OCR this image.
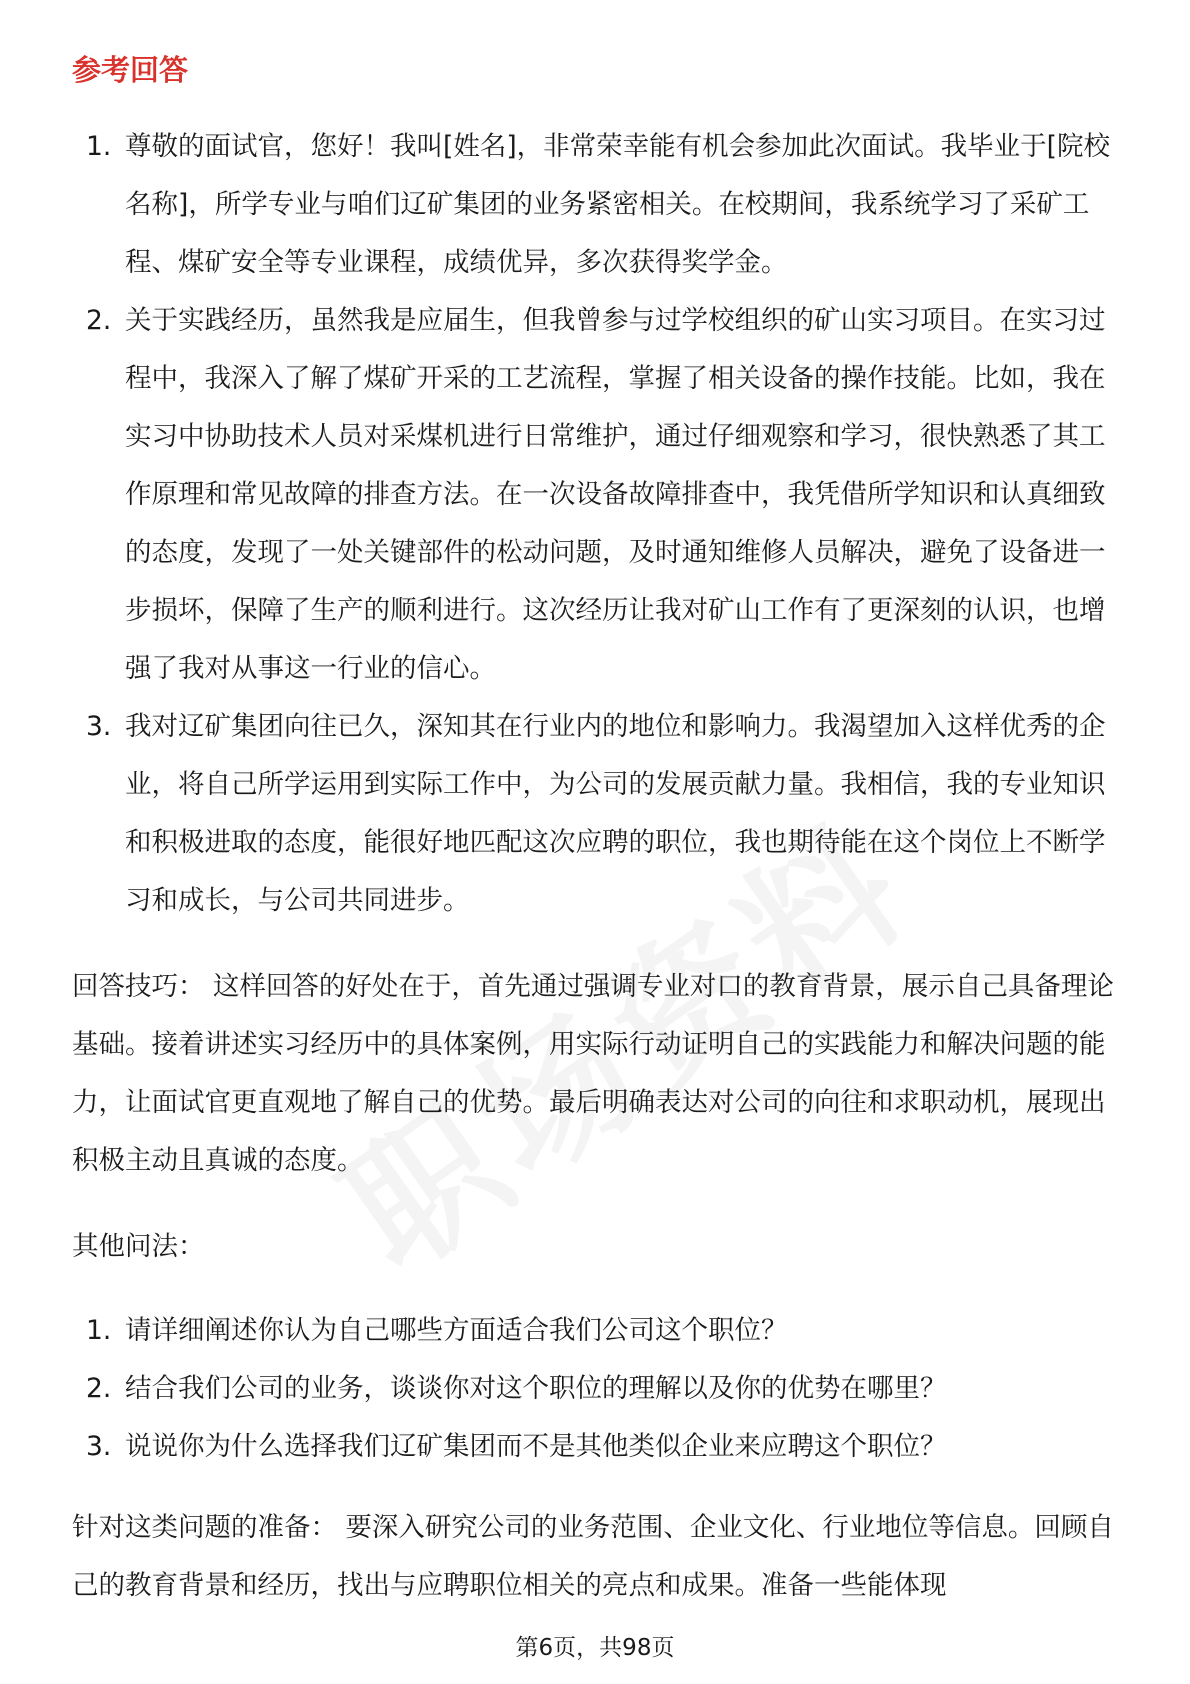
参考回答
1. 尊敬的面试官，您好！我叫[姓名]，非常荣幸能有机会参加此次面试。我毕业于[院校名称]，所学专业与咱们辽矿集团的业务紧密相关。在校期间，我系统学习了采矿工程、煤矿安全等专业课程，成绩优异，多次获得奖学金。
2. 关于实践经历，虽然我是应届生，但我曾参与过学校组织的矿山实习项目。在实习过程中，我深入了解了煤矿开采的工艺流程，掌握了相关设备的操作技能。比如，我在实习中协助技术人员对采煤机进行日常维护，通过仔细观察和学习，很快熟悉了其工作原理和常见故障的排查方法。在一次设备故障排查中，我凭借所学知识和认真细致的态度，发现了一处关键部件的松动问题，及时通知维修人员解决，避免了设备进一步损坏，保障了生产的顺利进行。这次经历让我对矿山工作有了更深刻的认识，也增强了我对从事这一行业的信心。
3. 我对辽矿集团向往已久，深知其在行业内的地位和影响力。我渴望加入这样优秀的企业，将自己所学运用到实际工作中，为公司的发展贡献力量。我相信，我的专业知识和积极进取的态度，能很好地匹配这次应聘的职位，我也期待能在这个岗位上不断学习和成长，与公司共同进步。

回答技巧： 这样回答的好处在于，首先通过强调专业对口的教育背景，展示自己具备理论基础。接着讲述实习经历中的具体案例，用实际行动证明自己的实践能力和解决问题的能力，让面试官更直观地了解自己的优势。最后明确表达对公司的向往和求职动机，展现出积极主动且真诚的态度。

其他问法：

1. 请详细阐述你认为自己哪些方面适合我们公司这个职位？
2. 结合我们公司的业务，谈谈你对这个职位的理解以及你的优势在哪里？
3. 说说你为什么选择我们辽矿集团而不是其他类似企业来应聘这个职位？

针对这类问题的准备： 要深入研究公司的业务范围、企业文化、行业地位等信息。回顾自己的教育背景和经历，找出与应聘职位相关的亮点和成果。准备一些能体现

第6页，共98页
